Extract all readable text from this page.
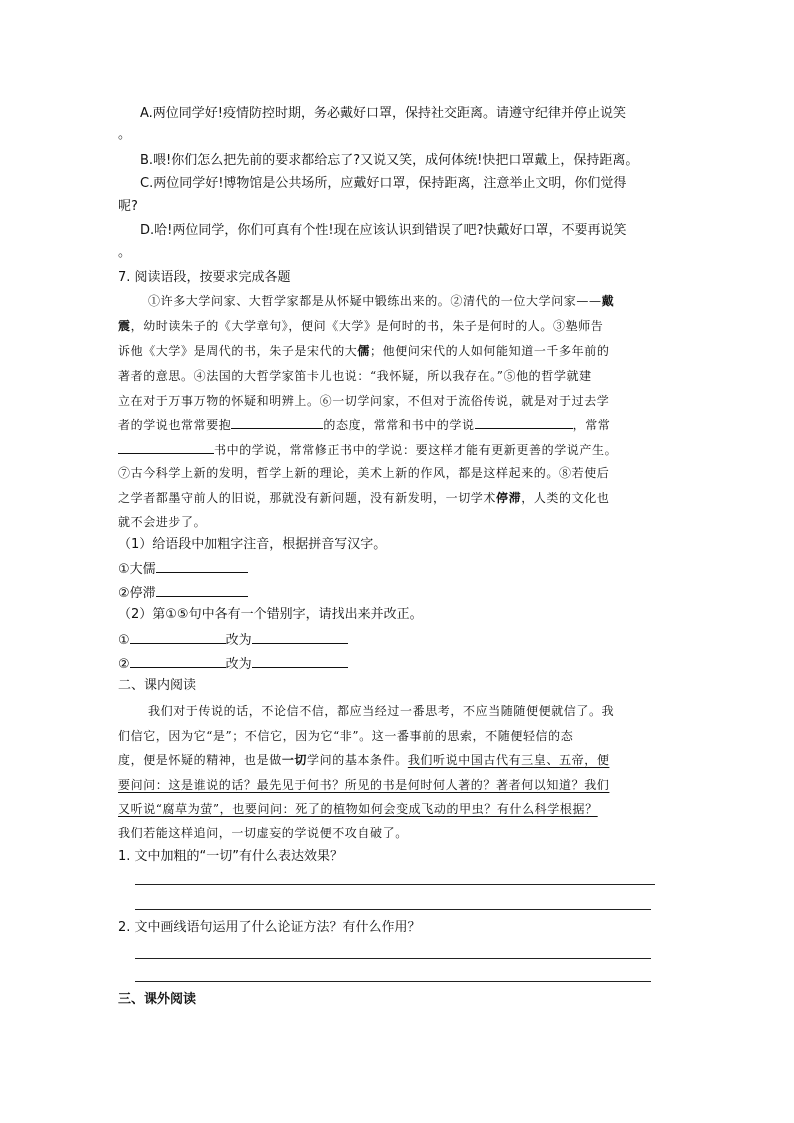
A.两位同学好!疫情防控时期，务必戴好口罩，保持社交距离。请遵守纪律并停止说笑
。
B.喂!你们怎么把先前的要求都给忘了?又说又笑，成何体统!快把口罩戴上，保持距离。
C.两位同学好!博物馆是公共场所，应戴好口罩，保持距离，注意举止文明，你们觉得
呢?
D.哈!两位同学，你们可真有个性!现在应该认识到错误了吧?快戴好口罩，不要再说笑
。
7. 阅读语段，按要求完成各题
①许多大学问家、大哲学家都是从怀疑中锻练出来的。②清代的一位大学问家——戴
震，幼时读朱子的《大学章句》，便问《大学》是何时的书，朱子是何时的人。③塾师告
诉他《大学》是周代的书，朱子是宋代的大儒；他便问宋代的人如何能知道一千多年前的
著者的意思。④法国的大哲学家笛卡儿也说：“我怀疑，所以我存在。”⑤他的哲学就建
立在对于万事万物的怀疑和明辨上。⑥一切学问家，不但对于流俗传说，就是对于过去学
者的学说也常常要抱	的态度，常常和书中的学说	，常常
书中的学说，常常修正书中的学说：要这样才能有更新更善的学说产生。
⑦古今科学上新的发明，哲学上新的理论，美术上新的作风，都是这样起来的。⑧若使后
之学者都墨守前人的旧说，那就没有新问题，没有新发明，一切学术停滞，人类的文化也
就不会进步了。
（1）给语段中加粗字注音，根据拼音写汉字。
①大儒
②停滞
（2）第①⑤句中各有一个错别字，请找出来并改正。
①	改为
②	改为
二、课内阅读
我们对于传说的话，不论信不信，都应当经过一番思考，不应当随随便便就信了。我
们信它，因为它“是”；不信它，因为它“非”。这一番事前的思索，不随便轻信的态
度，便是怀疑的精神，也是做一切学问的基本条件。我们听说中国古代有三皇、五帝，便
要问问：这是谁说的话？最先见于何书？所见的书是何时何人著的？著者何以知道？我们
又听说“腐草为萤”，也要问问：死了的植物如何会变成飞动的甲虫？有什么科学根据？
我们若能这样追问，一切虚妄的学说便不攻自破了。
1. 文中加粗的“一切”有什么表达效果？
2. 文中画线语句运用了什么论证方法？有什么作用？
三、课外阅读
